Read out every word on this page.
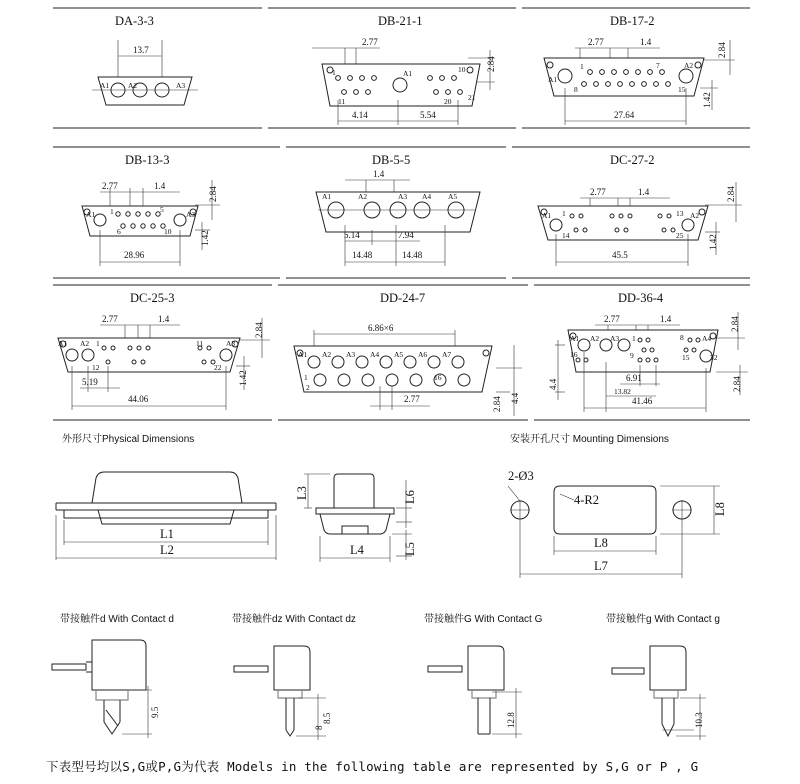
DA-3-3
13.7
A1	A2	A3
DB-21-1
2.77
2.84
1	A1	10
11	20 21
4.14	5.54
DB-17-2
2.77	1.4
2.84
1.42
A1
1	7	A2
8	15
27.64
DB-13-3
2.77	1.4
2.84
1.42
A1 1	5
A3
6	10
28.96
DB-5-5
1.4
A1	A2	A3 A4 A5
5.14	7.94
14.48	14.48
DC-27-2
2.77	1.4	2.84
1.42
A1 1	13 A2
14	25
45.5
DC-25-3
2.77	1.4
2.84
1.42
A1 A2 1	11	A3
12	22
5.19
44.06
DD-24-7
6.86×6
A1 A2 A3 A4 A5 A6 A7
1	16
2
2.84 4.4
2.77
DD-36-4
2.77	1.4	2.84
A1 A2 A3 1	8 A4
16	9	15	32
4.4	2.84
6.91
13.82
41.46
外形尺寸Physical Dimensions	安装开孔尺寸 Mounting Dimensions
L1
L2
L3	L6
L5
L4
2-Ø3
4-R2
L8
L8
L7
带接触件d With Contact d	带接触件dz With Contact dz	带接触件G With Contact G	带接触件g With Contact g
9.5
8.5
8	12.8	10.3
下表型号均以S,G或P,G为代表 Models in the following table are represented by S,G or P , G
